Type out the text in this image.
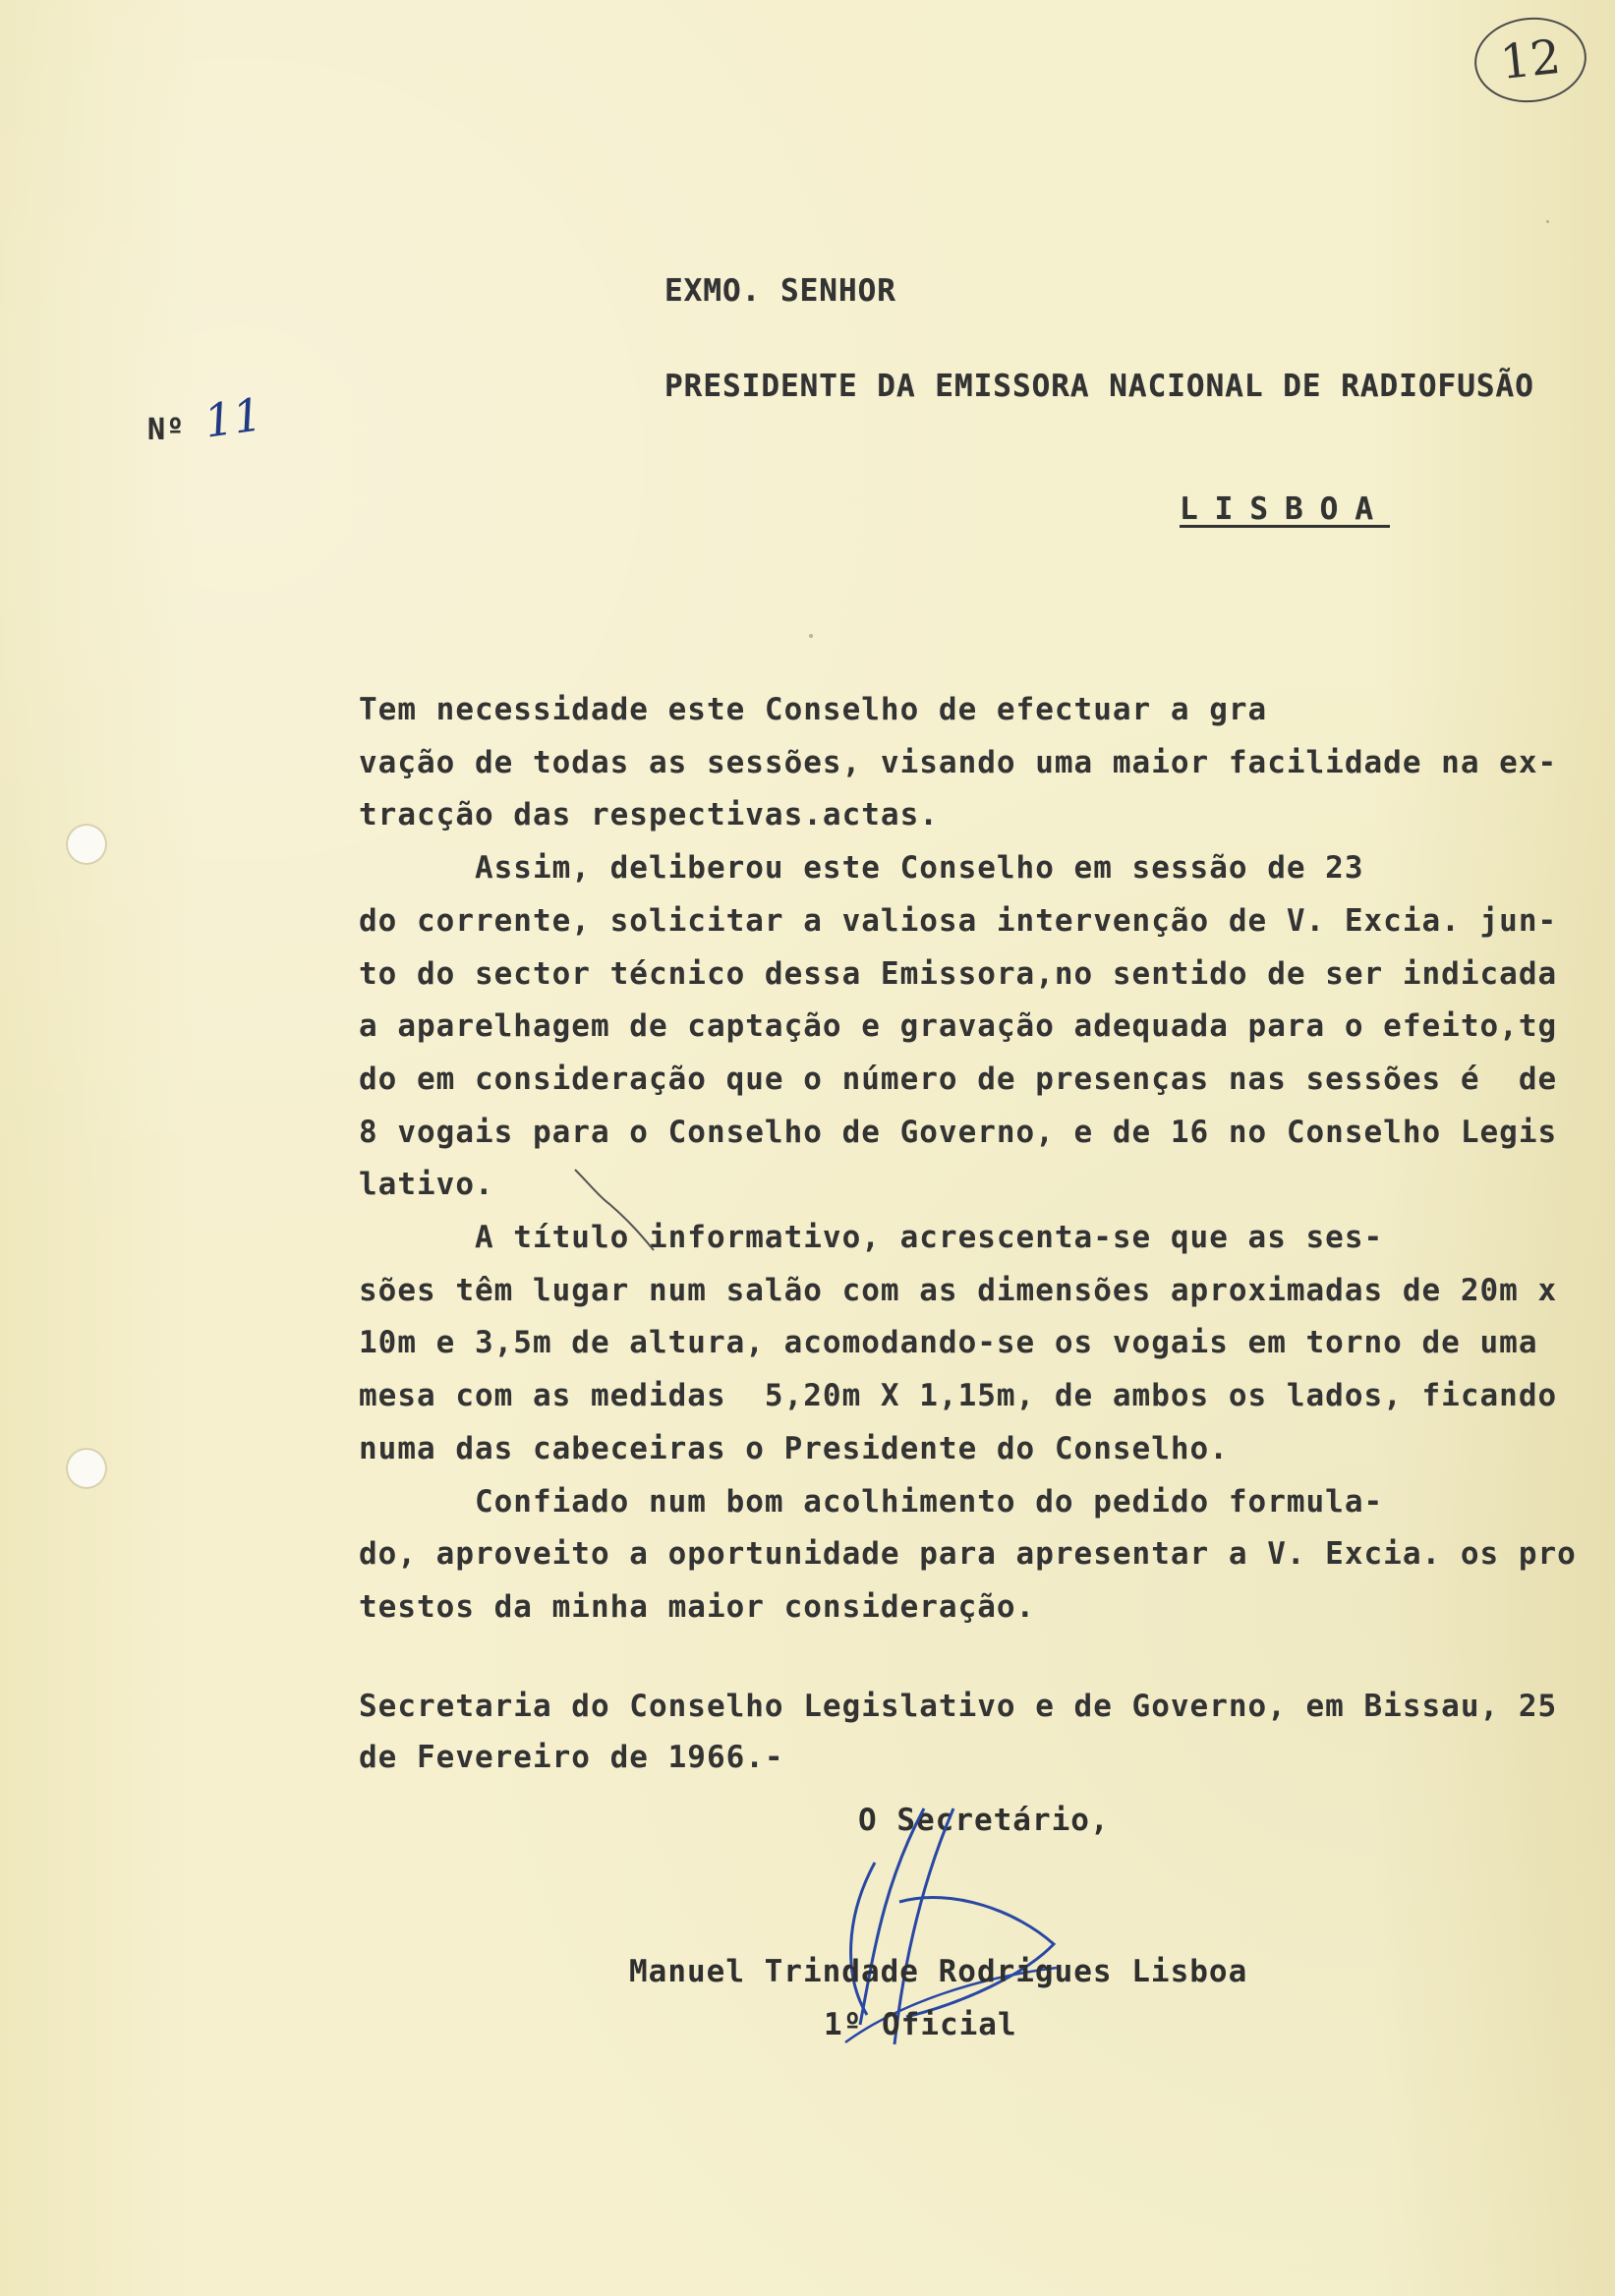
12
EXMO. SENHOR
PRESIDENTE DA EMISSORA NACIONAL DE RADIOFUSÃO
LISBOA
Nº 11
Tem necessidade este Conselho de efectuar a gra
vação de todas as sessões, visando uma maior facilidade na ex-
tracção das respectivas.actas.
Assim, deliberou este Conselho em sessão de 23
do corrente, solicitar a valiosa intervenção de V. Excia. jun-
to do sector técnico dessa Emissora,no sentido de ser indicada
a aparelhagem de captação e gravação adequada para o efeito,tg
do em consideração que o número de presenças nas sessões é  de
8 vogais para o Conselho de Governo, e de 16 no Conselho Legis
lativo.
A título informativo, acrescenta-se que as ses-
sões têm lugar num salão com as dimensões aproximadas de 20m x
10m e 3,5m de altura, acomodando-se os vogais em torno de uma
mesa com as medidas  5,20m X 1,15m, de ambos os lados, ficando
numa das cabeceiras o Presidente do Conselho.
Confiado num bom acolhimento do pedido formula-
do, aproveito a oportunidade para apresentar a V. Excia. os pro
testos da minha maior consideração.
Secretaria do Conselho Legislativo e de Governo, em Bissau, 25
de Fevereiro de 1966.-
O Secretário,
Manuel Trindade Rodrigues Lisboa
1º Oficial
